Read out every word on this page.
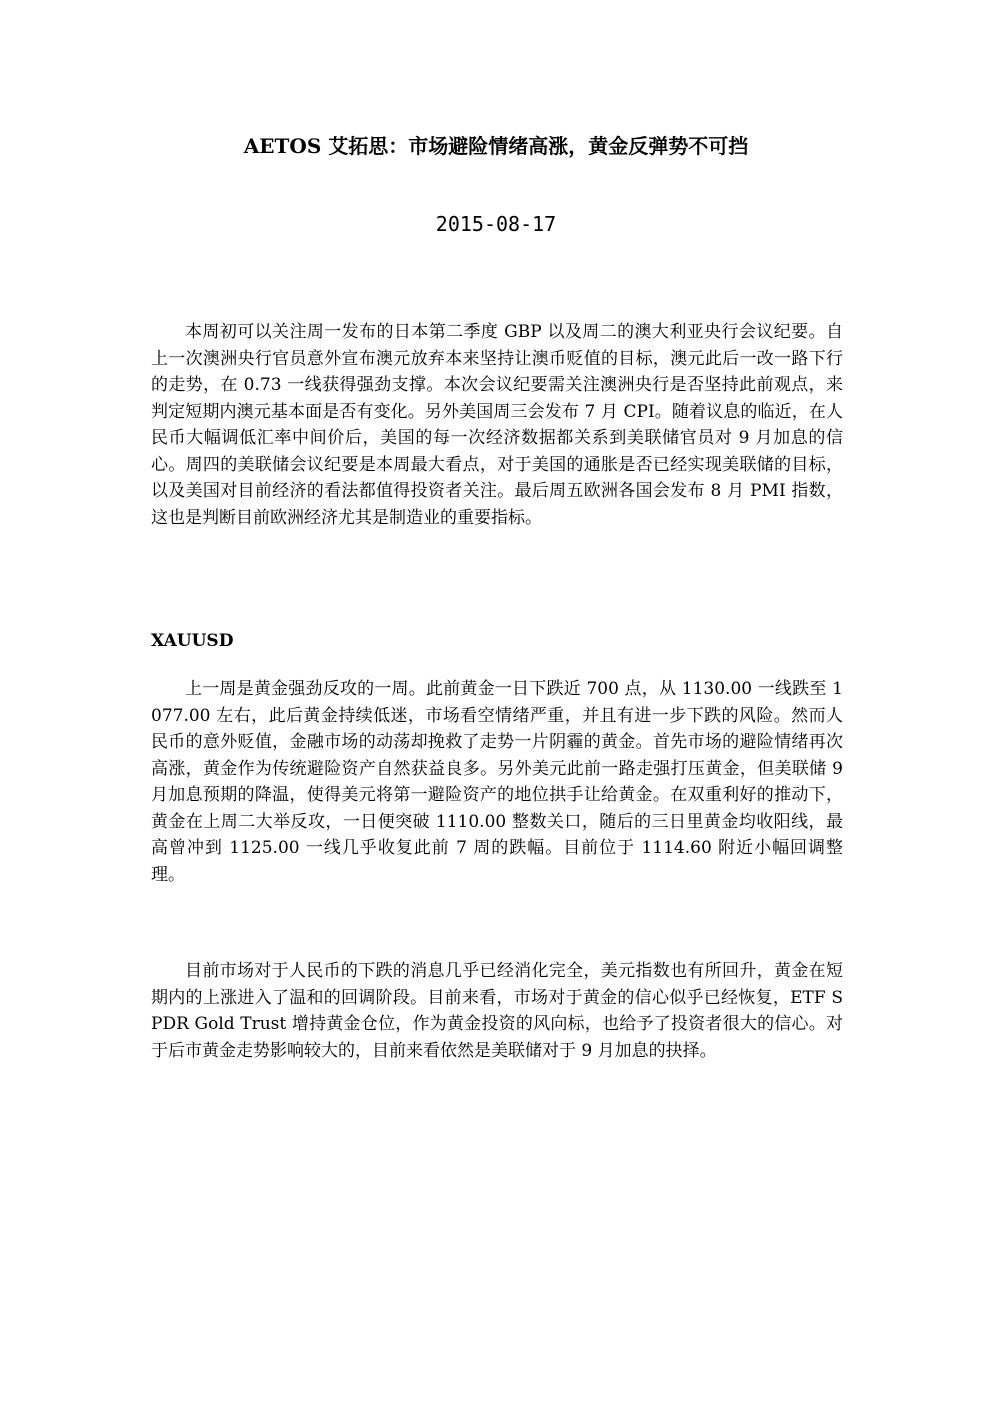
AETOS 艾拓思：市场避险情绪高涨，黄金反弹势不可挡
2015-08-17

本周初可以关注周一发布的日本第二季度 GBP 以及周二的澳大利亚央行会议纪要。自上一次澳洲央行官员意外宣布澳元放弃本来坚持让澳币贬值的目标，澳元此后一改一路下行的走势，在 0.73 一线获得强劲支撑。本次会议纪要需关注澳洲央行是否坚持此前观点，来判定短期内澳元基本面是否有变化。另外美国周三会发布 7 月 CPI。随着议息的临近，在人民币大幅调低汇率中间价后，美国的每一次经济数据都关系到美联储官员对 9 月加息的信心。周四的美联储会议纪要是本周最大看点，对于美国的通胀是否已经实现美联储的目标，以及美国对目前经济的看法都值得投资者关注。最后周五欧洲各国会发布 8 月 PMI 指数，这也是判断目前欧洲经济尤其是制造业的重要指标。

XAUUSD

上一周是黄金强劲反攻的一周。此前黄金一日下跌近 700 点，从 1130.00 一线跌至 1077.00 左右，此后黄金持续低迷，市场看空情绪严重，并且有进一步下跌的风险。然而人民币的意外贬值，金融市场的动荡却挽救了走势一片阴霾的黄金。首先市场的避险情绪再次高涨，黄金作为传统避险资产自然获益良多。另外美元此前一路走强打压黄金，但美联储 9 月加息预期的降温，使得美元将第一避险资产的地位拱手让给黄金。在双重利好的推动下，黄金在上周二大举反攻，一日便突破 1110.00 整数关口，随后的三日里黄金均收阳线，最高曾冲到 1125.00 一线几乎收复此前 7 周的跌幅。目前位于 1114.60 附近小幅回调整理。

目前市场对于人民币的下跌的消息几乎已经消化完全，美元指数也有所回升，黄金在短期内的上涨进入了温和的回调阶段。目前来看，市场对于黄金的信心似乎已经恢复，ETF SPDR Gold Trust 增持黄金仓位，作为黄金投资的风向标，也给予了投资者很大的信心。对于后市黄金走势影响较大的，目前来看依然是美联储对于 9 月加息的抉择。
